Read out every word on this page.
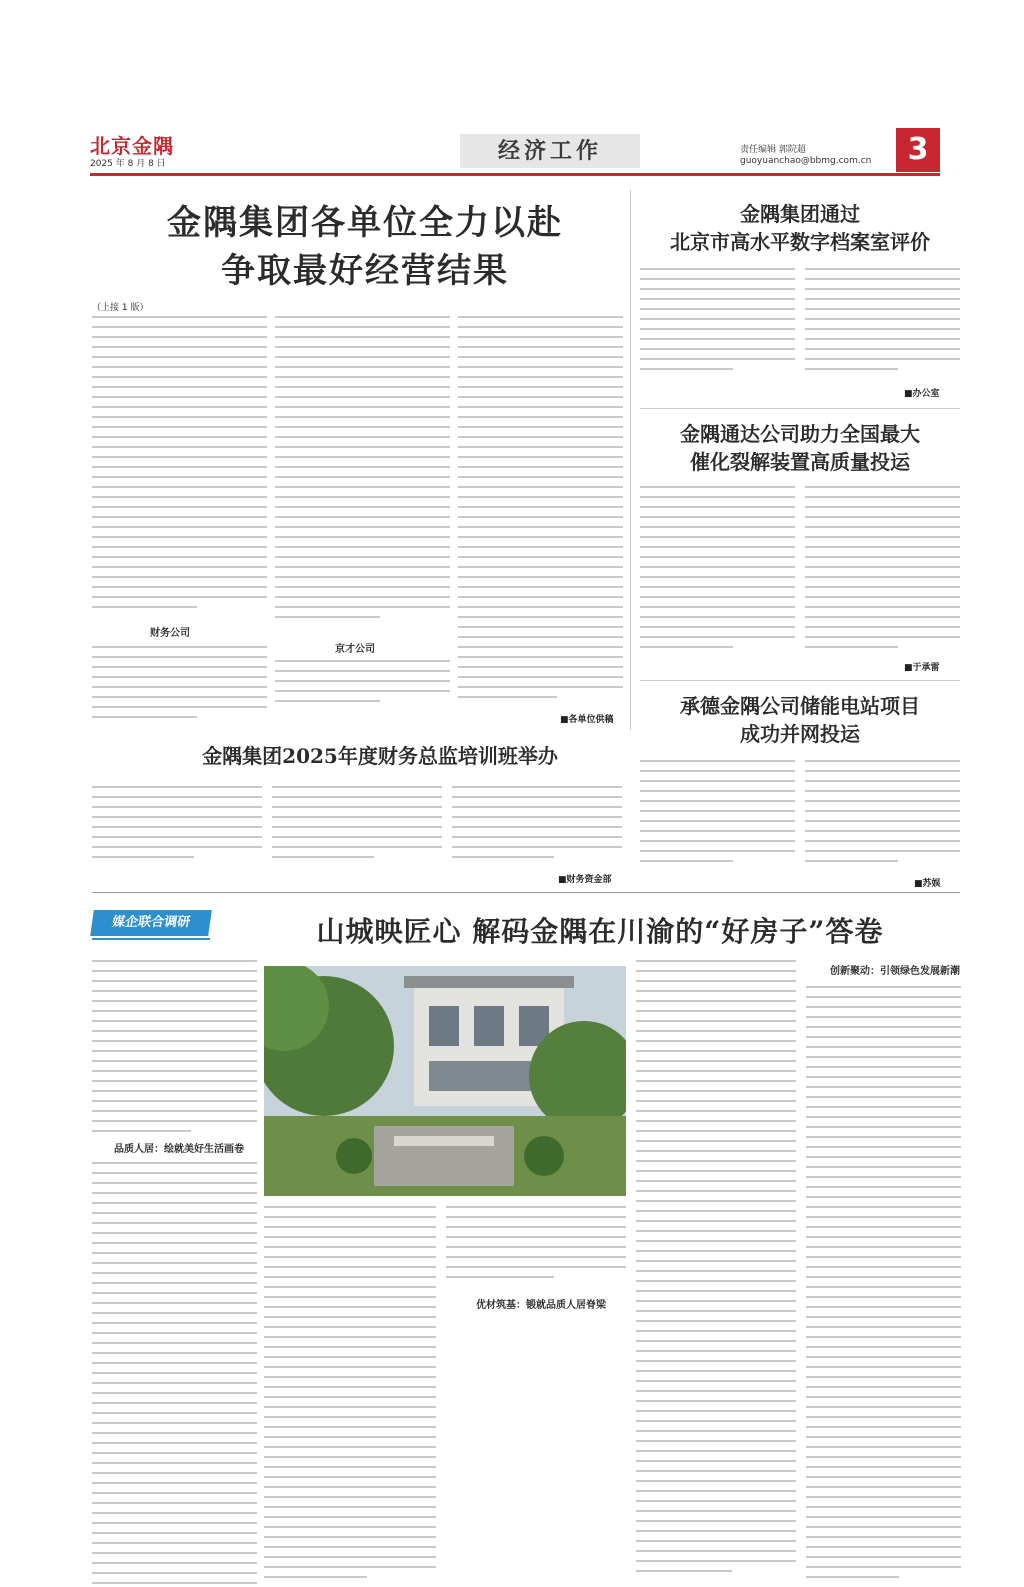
北京金隅
2025 年 8 月 8 日	经济工作	责任编辑 郭院超
guoyuanchao@bbmg.com.cn	3
金隅集团各单位全力以赴
争取最好经营结果
（上接 1 版）
财务公司
京才公司
■各单位供稿
金隅集团通过
北京市高水平数字档案室评价
■办公室
金隅通达公司助力全国最大
催化裂解装置高质量投运
■于承雷
承德金隅公司储能电站项目
成功并网投运
■苏娱
金隅集团2025年度财务总监培训班举办
■财务资金部
媒企联合调研	山城映匠心 解码金隅在川渝的“好房子”答卷
品质人居：绘就美好生活画卷
优材筑基：锻就品质人居脊梁
创新聚动：引领绿色发展新潮
